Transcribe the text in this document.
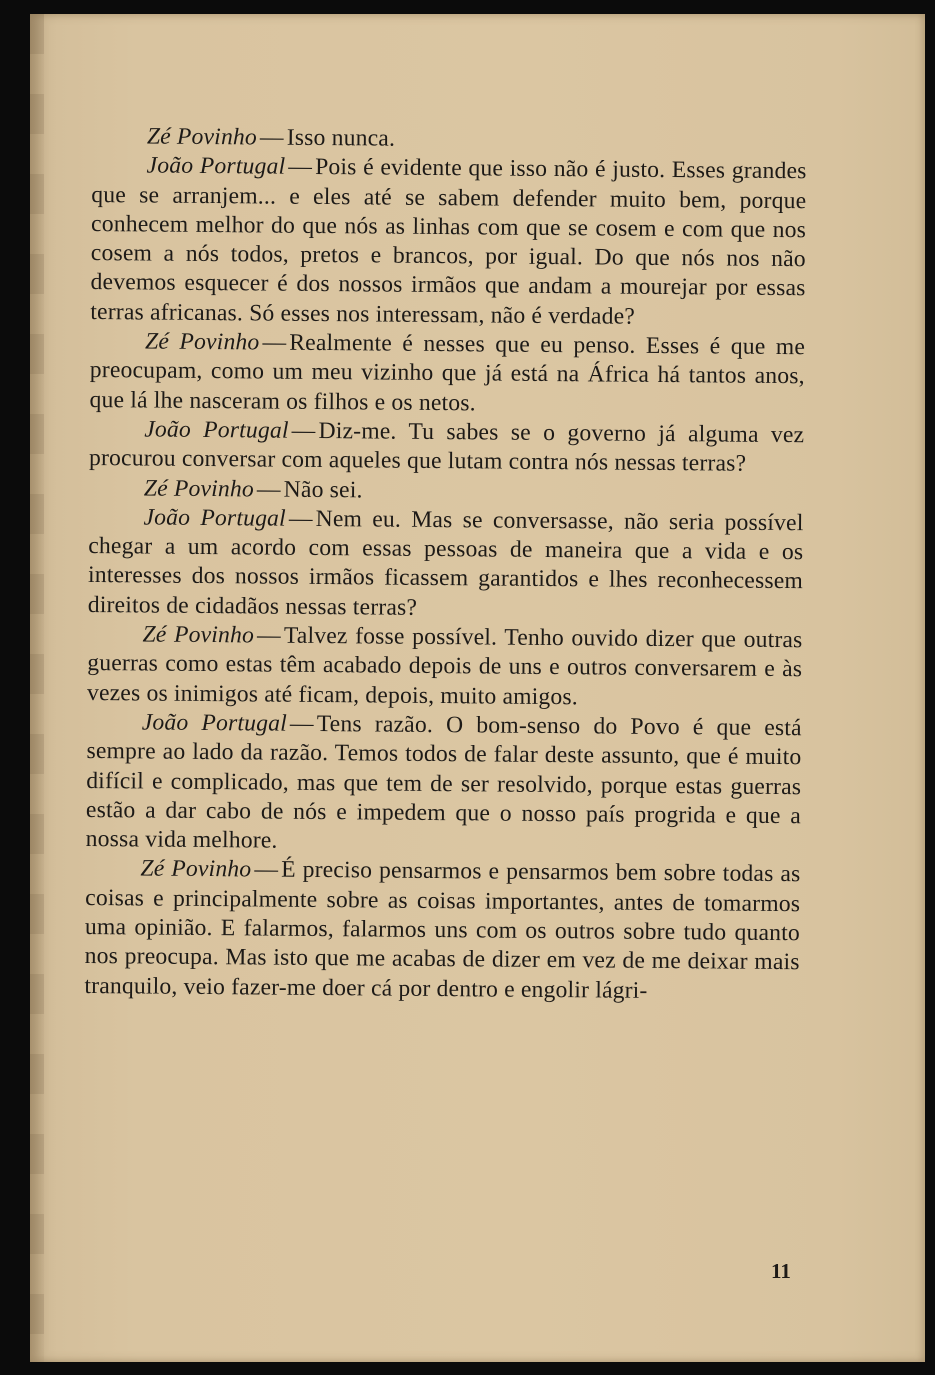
Zé Povinho — Isso nunca.

João Portugal — Pois é evidente que isso não é justo. Esses grandes que se arranjem... e eles até se sabem defender muito bem, porque conhecem melhor do que nós as linhas com que se cosem e com que nos cosem a nós todos, pretos e brancos, por igual. Do que nós nos não devemos esquecer é dos nossos irmãos que andam a mourejar por essas terras africanas. Só esses nos interessam, não é verdade?

Zé Povinho — Realmente é nesses que eu penso. Esses é que me preocupam, como um meu vizinho que já está na África há tantos anos, que lá lhe nasceram os filhos e os netos.

João Portugal — Diz-me. Tu sabes se o governo já alguma vez procurou conversar com aqueles que lutam contra nós nessas terras?

Zé Povinho — Não sei.

João Portugal — Nem eu. Mas se conversasse, não seria possível chegar a um acordo com essas pessoas de maneira que a vida e os interesses dos nossos irmãos ficassem garantidos e lhes reconhecessem direitos de cidadãos nessas terras?

Zé Povinho — Talvez fosse possível. Tenho ouvido dizer que outras guerras como estas têm acabado depois de uns e outros conversarem e às vezes os inimigos até ficam, depois, muito amigos.

João Portugal — Tens razão. O bom-senso do Povo é que está sempre ao lado da razão. Temos todos de falar deste assunto, que é muito difícil e complicado, mas que tem de ser resolvido, porque estas guerras estão a dar cabo de nós e impedem que o nosso país progrida e que a nossa vida melhore.

Zé Povinho — É preciso pensarmos e pensarmos bem sobre todas as coisas e principalmente sobre as coisas importantes, antes de tomarmos uma opinião. E falarmos, falarmos uns com os outros sobre tudo quanto nos preocupa. Mas isto que me acabas de dizer em vez de me deixar mais tranquilo, veio fazer-me doer cá por dentro e engolir lágri-

11
